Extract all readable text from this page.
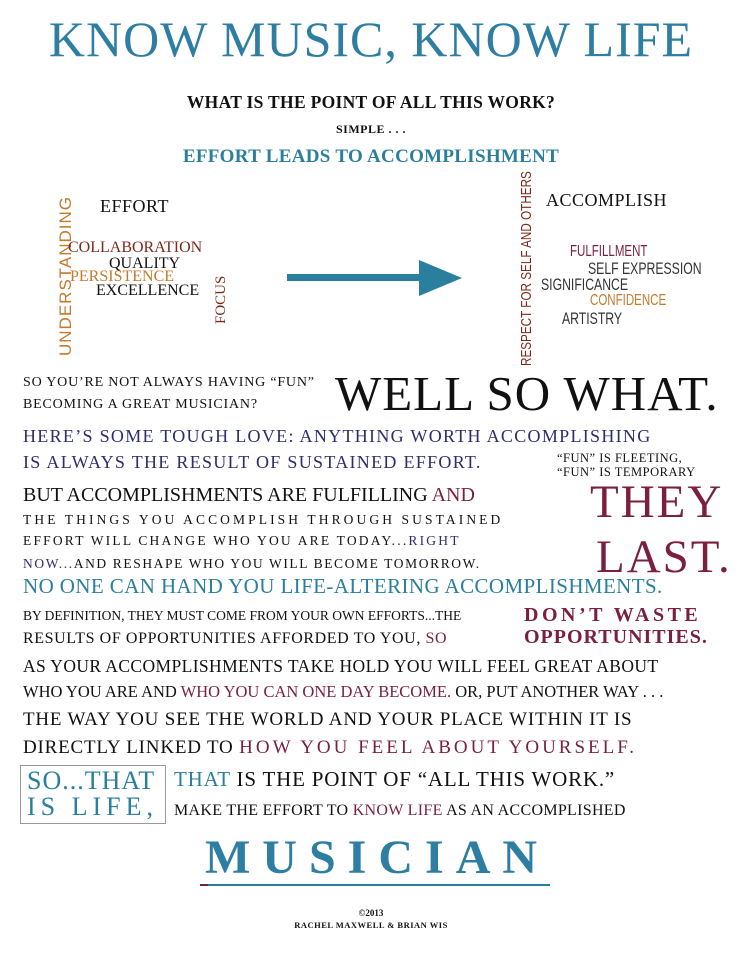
KNOW MUSIC, KNOW LIFE
WHAT IS THE POINT OF ALL THIS WORK?
SIMPLE . . .
EFFORT LEADS TO ACCOMPLISHMENT
EFFORT
UNDERSTANDING
COLLABORATION
QUALITY
PERSISTENCE
EXCELLENCE FOCUS
ACCOMPLISH
RESPECT FOR SELF AND OTHERS FULFILLMENT
SELF EXPRESSION
SIGNIFICANCE
CONFIDENCE
ARTISTRY
SO YOU’RE NOT ALWAYS HAVING “FUN”
BECOMING A GREAT MUSICIAN? WELL SO WHAT.
HERE’S SOME TOUGH LOVE: ANYTHING WORTH ACCOMPLISHING
IS ALWAYS THE RESULT OF SUSTAINED EFFORT.	“FUN” IS FLEETING,
“FUN” IS TEMPORARY
BUT ACCOMPLISHMENTS ARE FULFILLING AND THEY
THE THINGS YOU ACCOMPLISH THROUGH SUSTAINED
EFFORT WILL CHANGE WHO YOU ARE TODAY...RIGHT
NOW...AND RESHAPE WHO YOU WILL BECOME TOMORROW. LAST.
NO ONE CAN HAND YOU LIFE-ALTERING ACCOMPLISHMENTS.
BY DEFINITION, THEY MUST COME FROM YOUR OWN EFFORTS...THE
RESULTS OF OPPORTUNITIES AFFORDED TO YOU, SO
DON’T WASTE
OPPORTUNITIES.
AS YOUR ACCOMPLISHMENTS TAKE HOLD YOU WILL FEEL GREAT ABOUT
WHO YOU ARE AND WHO YOU CAN ONE DAY BECOME. OR, PUT ANOTHER WAY . . .
THE WAY YOU SEE THE WORLD AND YOUR PLACE WITHIN IT IS
DIRECTLY LINKED TO HOW YOU FEEL ABOUT YOURSELF.
SO...THAT
IS LIFE,
THAT IS THE POINT OF “ALL THIS WORK.”
MAKE THE EFFORT TO KNOW LIFE AS AN ACCOMPLISHED
MUSICIAN
©2013
RACHEL MAXWELL & BRIAN WIS
